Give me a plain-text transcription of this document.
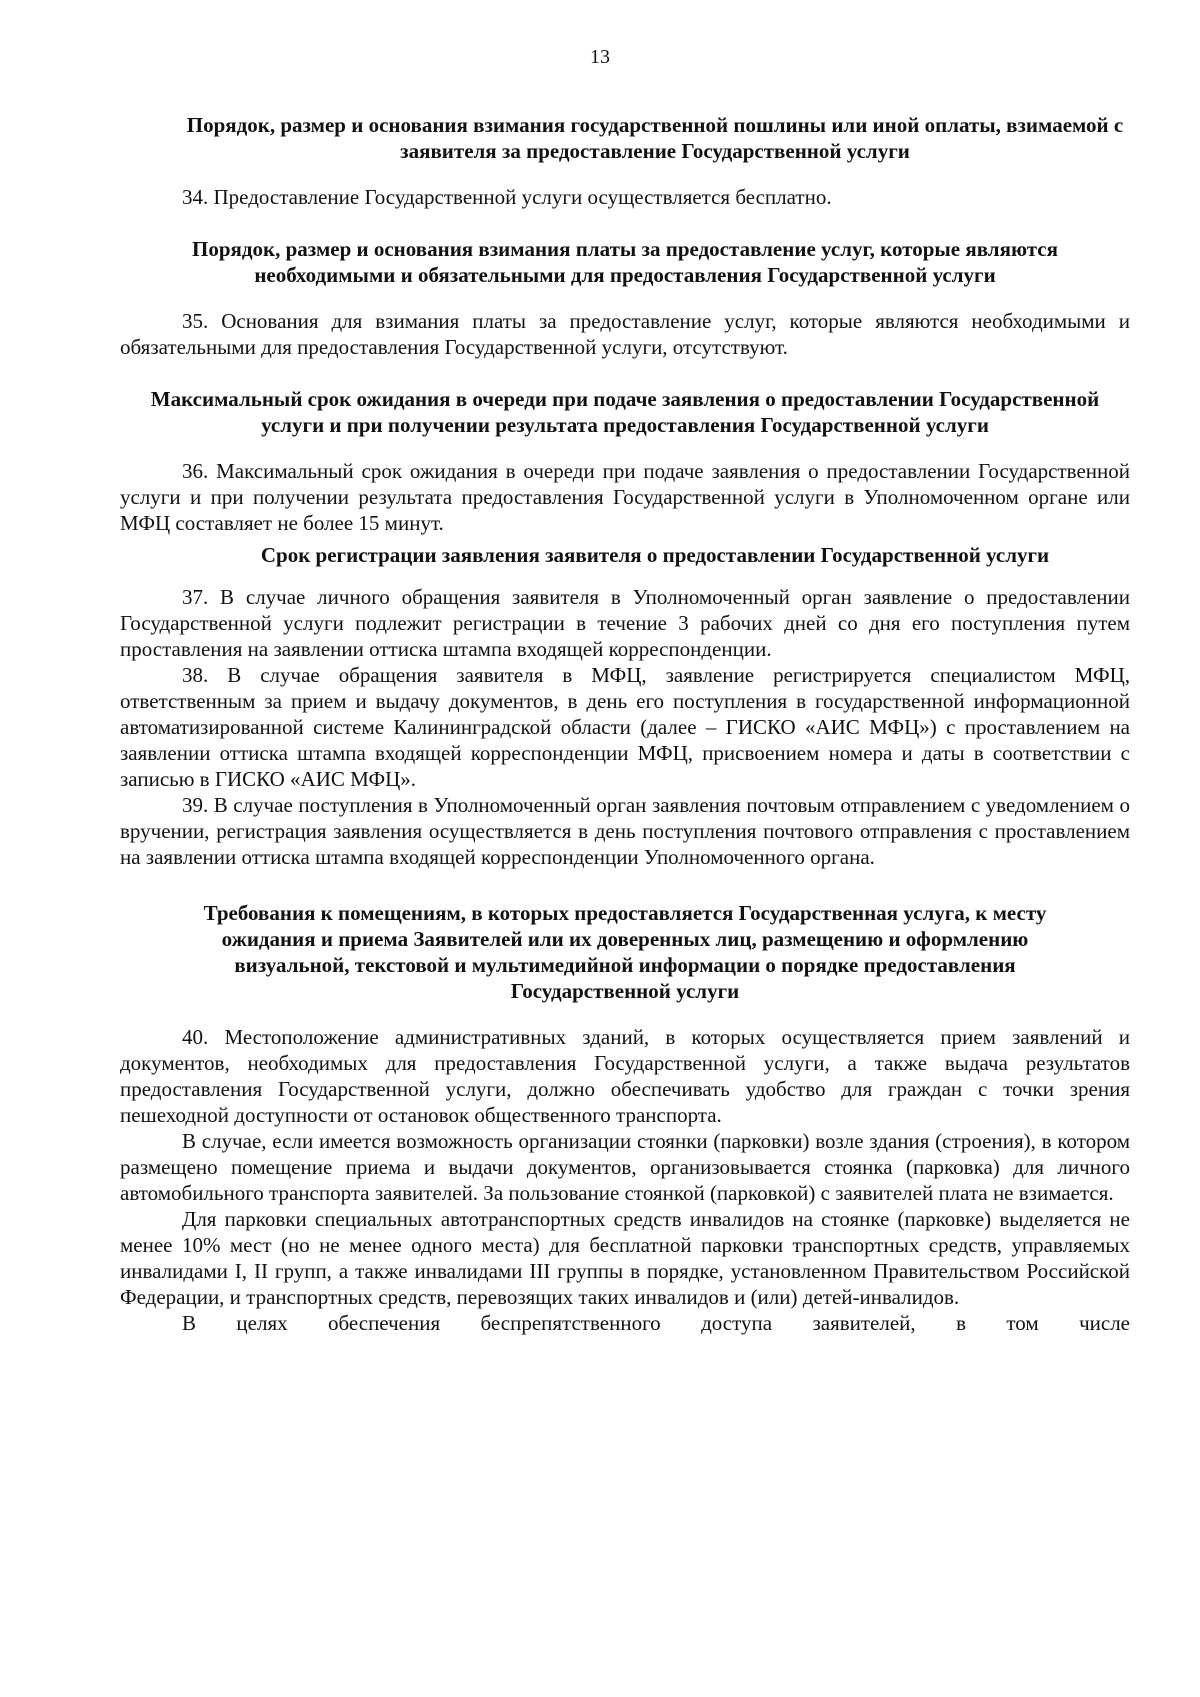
13
Порядок, размер и основания взимания государственной пошлины или иной оплаты, взимаемой с заявителя за предоставление Государственной услуги
34. Предоставление Государственной услуги осуществляется бесплатно.
Порядок, размер и основания взимания платы за предоставление услуг, которые являются необходимыми и обязательными для предоставления Государственной услуги
35. Основания для взимания платы за предоставление услуг, которые являются необходимыми и обязательными для предоставления Государственной услуги, отсутствуют.
Максимальный срок ожидания в очереди при подаче заявления о предоставлении Государственной услуги и при получении результата предоставления Государственной услуги
36. Максимальный срок ожидания в очереди при подаче заявления о предоставлении Государственной услуги и при получении результата предоставления Государственной услуги в Уполномоченном органе или МФЦ составляет не более 15 минут.
Срок регистрации заявления заявителя о предоставлении Государственной услуги
37. В случае личного обращения заявителя в Уполномоченный орган заявление о предоставлении Государственной услуги подлежит регистрации в течение 3 рабочих дней со дня его поступления путем проставления на заявлении оттиска штампа входящей корреспонденции.
38. В случае обращения заявителя в МФЦ, заявление регистрируется специалистом МФЦ, ответственным за прием и выдачу документов, в день его поступления в государственной информационной автоматизированной системе Калининградской области (далее – ГИСКО «АИС МФЦ») с проставлением на заявлении оттиска штампа входящей корреспонденции МФЦ, присвоением номера и даты в соответствии с записью в ГИСКО «АИС МФЦ».
39. В случае поступления в Уполномоченный орган заявления почтовым отправлением с уведомлением о вручении, регистрация заявления осуществляется в день поступления почтового отправления с проставлением на заявлении оттиска штампа входящей корреспонденции Уполномоченного органа.
Требования к помещениям, в которых предоставляется Государственная услуга, к месту ожидания и приема Заявителей или их доверенных лиц, размещению и оформлению визуальной, текстовой и мультимедийной информации о порядке предоставления Государственной услуги
40. Местоположение административных зданий, в которых осуществляется прием заявлений и документов, необходимых для предоставления Государственной услуги, а также выдача результатов предоставления Государственной услуги, должно обеспечивать удобство для граждан с точки зрения пешеходной доступности от остановок общественного транспорта.
В случае, если имеется возможность организации стоянки (парковки) возле здания (строения), в котором размещено помещение приема и выдачи документов, организовывается стоянка (парковка) для личного автомобильного транспорта заявителей. За пользование стоянкой (парковкой) с заявителей плата не взимается.
Для парковки специальных автотранспортных средств инвалидов на стоянке (парковке) выделяется не менее 10% мест (но не менее одного места) для бесплатной парковки транспортных средств, управляемых инвалидами I, II групп, а также инвалидами III группы в порядке, установленном Правительством Российской Федерации, и транспортных средств, перевозящих таких инвалидов и (или) детей-инвалидов.
В целях обеспечения беспрепятственного доступа заявителей, в том числе
